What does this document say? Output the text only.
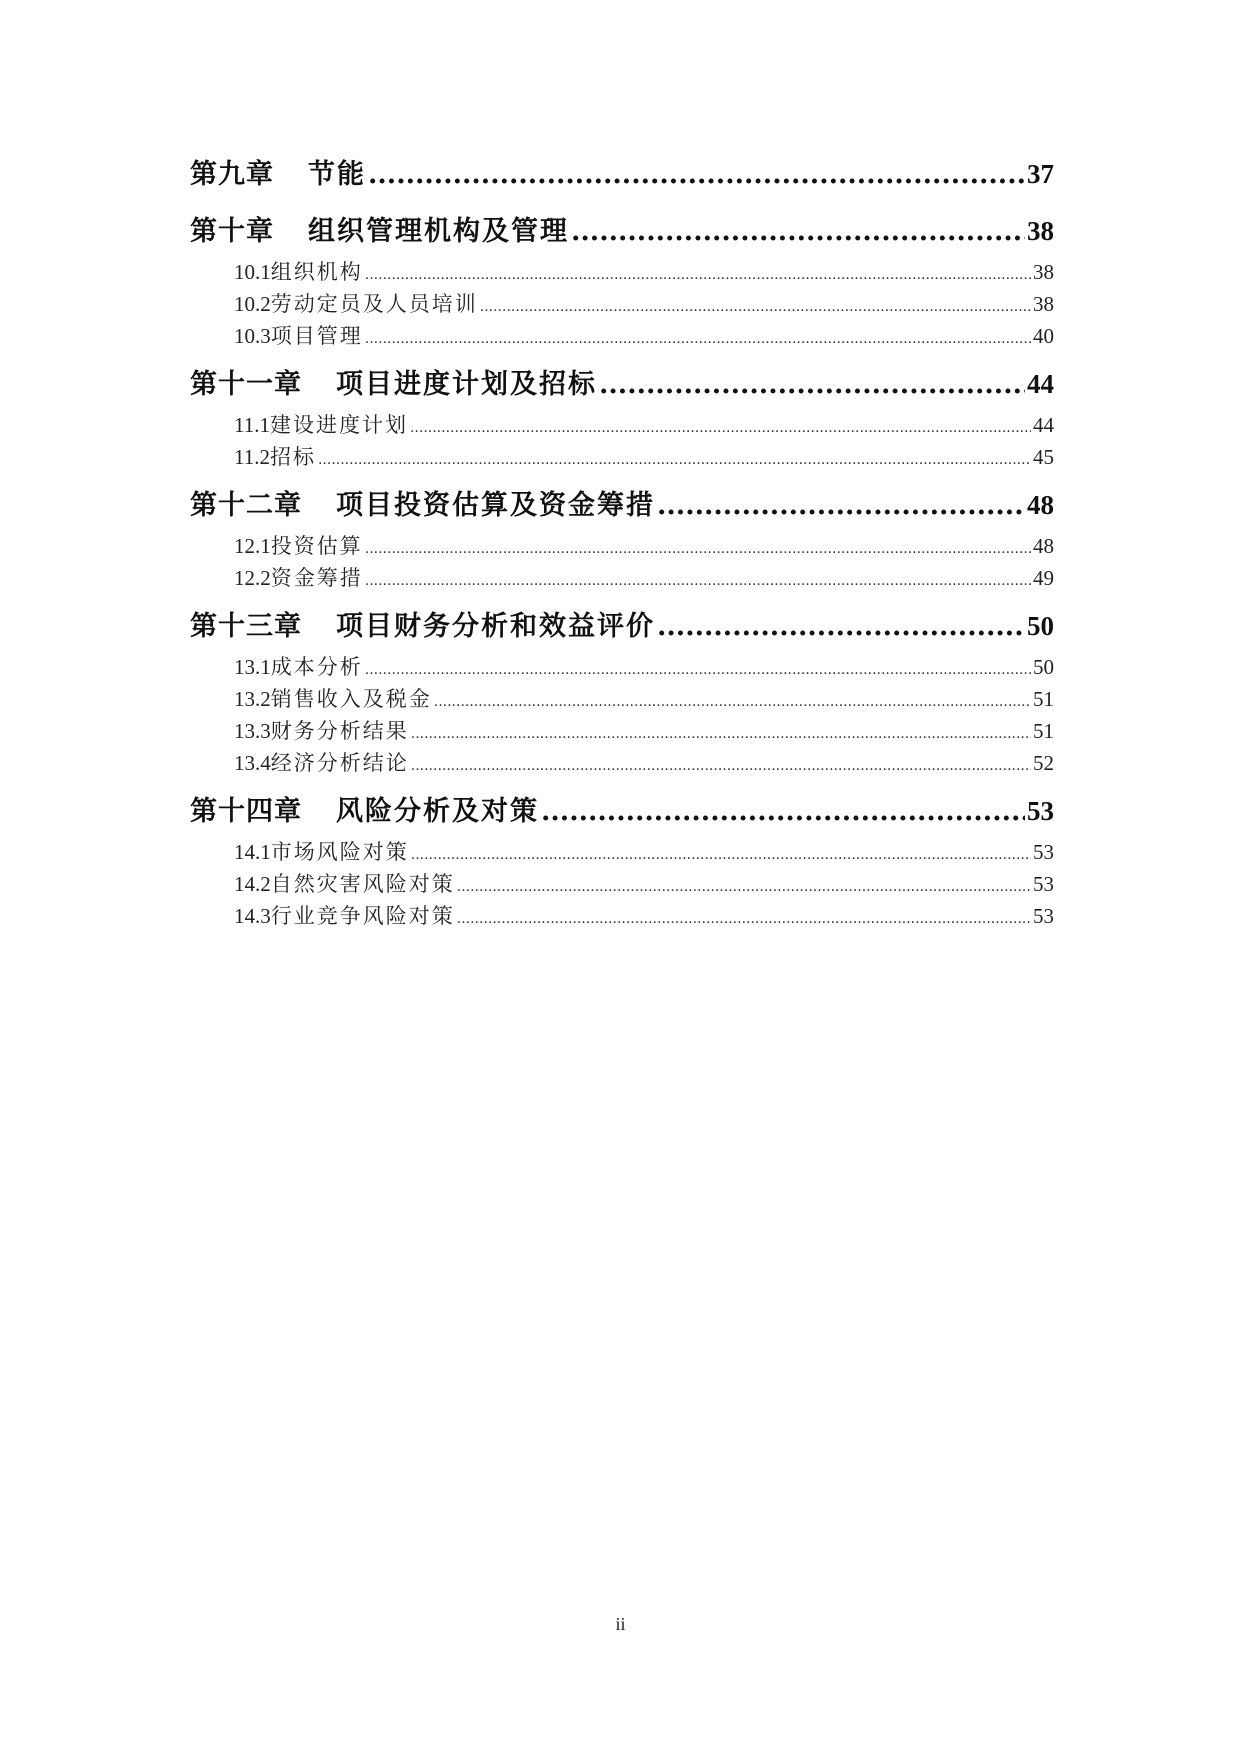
第九章 节能 .....	37
第十章 组织管理机构及管理 .....	38
10.1 组织机构 .....	38
10.2 劳动定员及人员培训 .....	38
10.3 项目管理 .....	40
第十一章 项目进度计划及招标 .....	44
11.1 建设进度计划 .....	44
11.2 招标 .....	45
第十二章 项目投资估算及资金筹措 .....	48
12.1 投资估算 .....	48
12.2 资金筹措 .....	49
第十三章 项目财务分析和效益评价 .....	50
13.1 成本分析 .....	50
13.2 销售收入及税金 .....	51
13.3 财务分析结果 .....	51
13.4 经济分析结论 .....	52
第十四章 风险分析及对策 .....	53
14.1 市场风险对策 .....	53
14.2 自然灾害风险对策 .....	53
14.3 行业竞争风险对策 .....	53
ii
